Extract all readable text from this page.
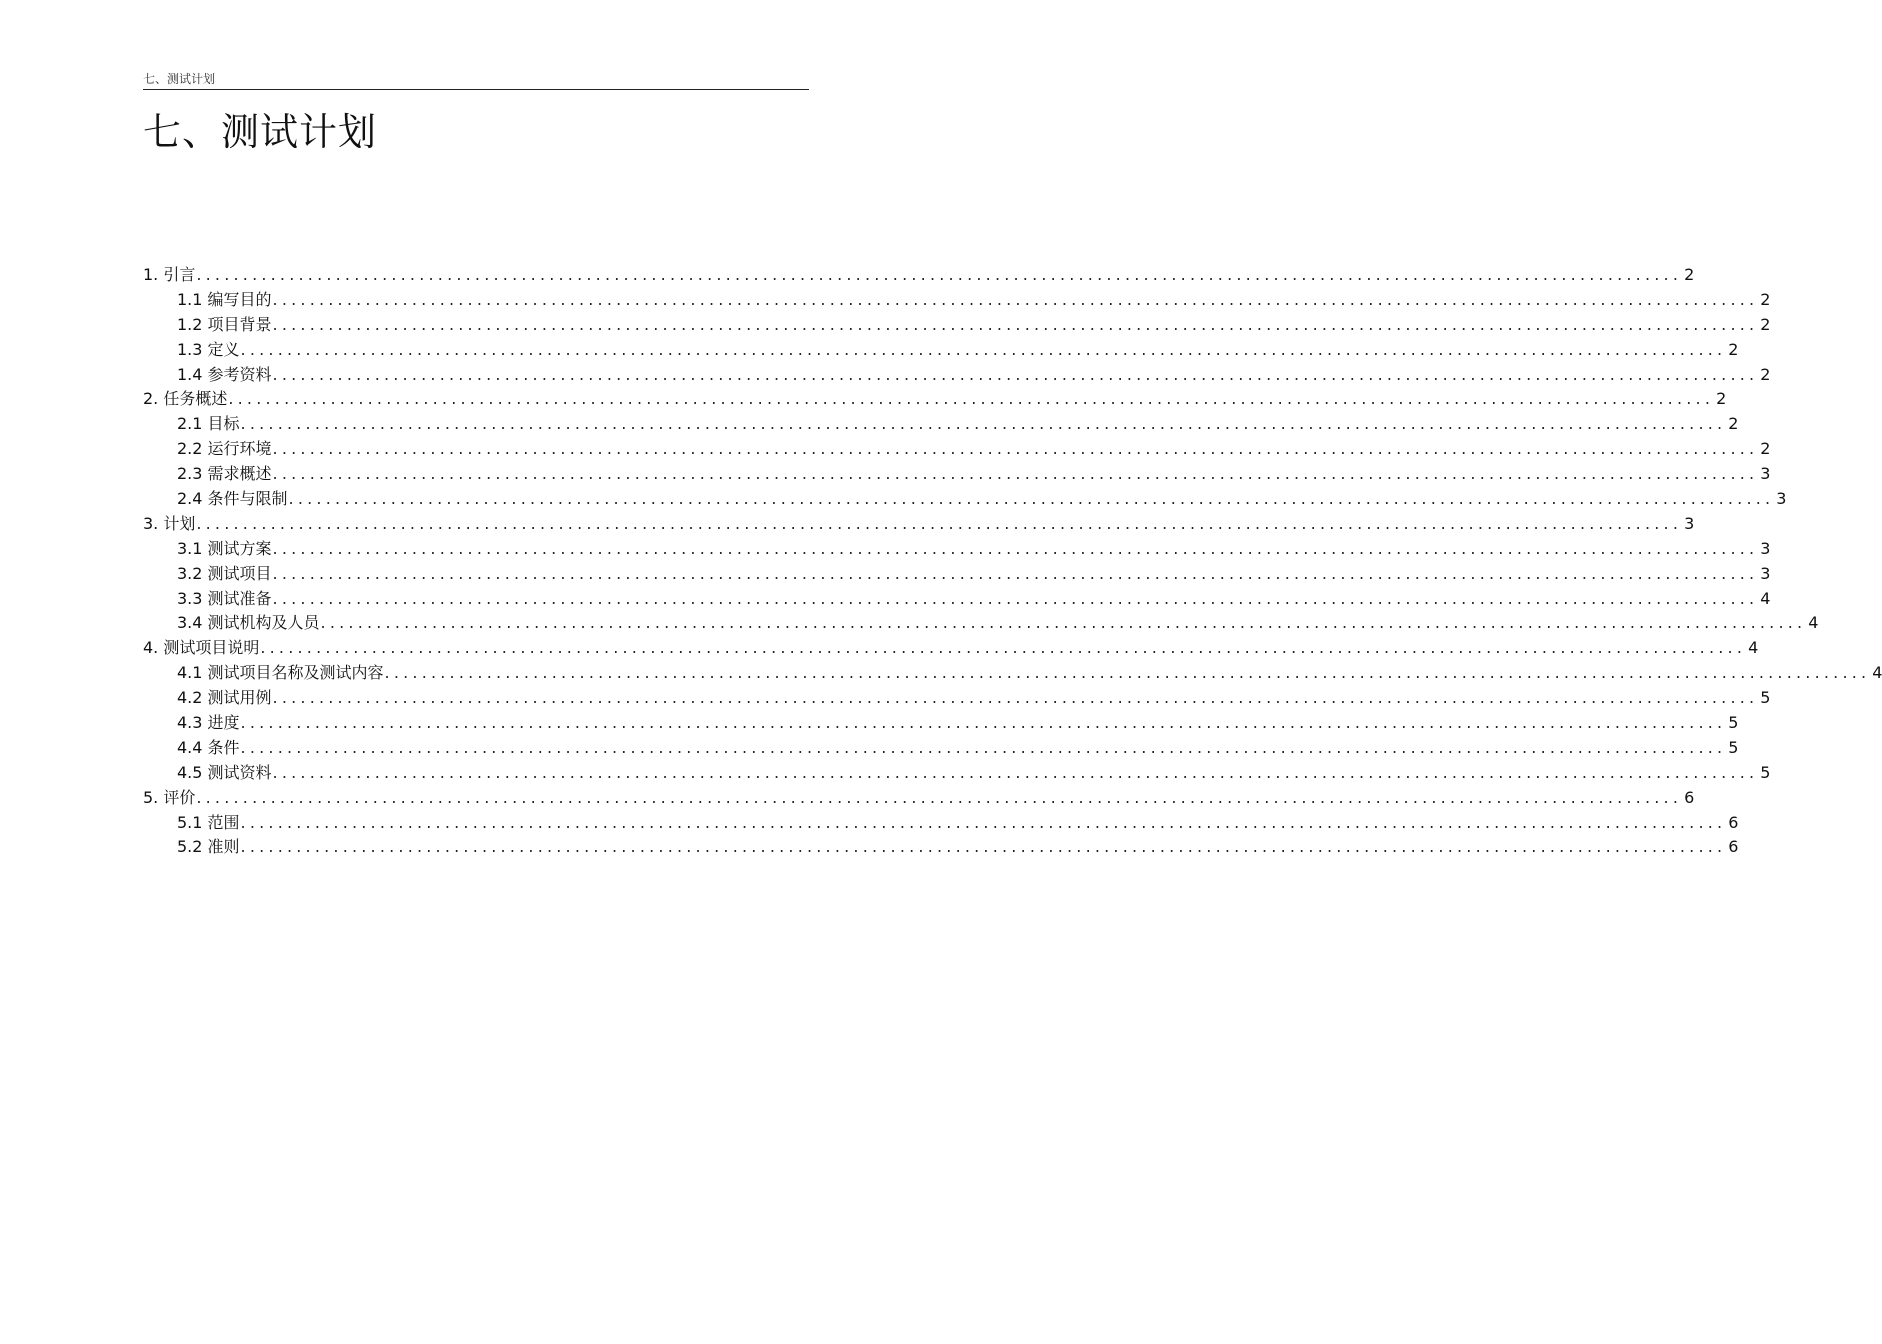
七、测试计划
七、测试计划
1. 引言 ................................................................................................................................................................ 2
1.1 编写目的 ................................................................................................................................................................ 2
1.2 项目背景 ................................................................................................................................................................ 2
1.3 定义 ................................................................................................................................................................ 2
1.4 参考资料 ................................................................................................................................................................ 2
2. 任务概述 ................................................................................................................................................................ 2
2.1 目标 ................................................................................................................................................................ 2
2.2 运行环境 ................................................................................................................................................................ 2
2.3 需求概述 ................................................................................................................................................................ 3
2.4 条件与限制 ................................................................................................................................................................ 3
3. 计划 ................................................................................................................................................................ 3
3.1 测试方案 ................................................................................................................................................................ 3
3.2 测试项目 ................................................................................................................................................................ 3
3.3 测试准备 ................................................................................................................................................................ 4
3.4 测试机构及人员 ................................................................................................................................................................ 4
4. 测试项目说明 ................................................................................................................................................................ 4
4.1 测试项目名称及测试内容 ................................................................................................................................................................ 4
4.2 测试用例 ................................................................................................................................................................ 5
4.3 进度 ................................................................................................................................................................ 5
4.4 条件 ................................................................................................................................................................ 5
4.5 测试资料 ................................................................................................................................................................ 5
5. 评价 ................................................................................................................................................................ 6
5.1 范围 ................................................................................................................................................................ 6
5.2 准则 ................................................................................................................................................................ 6
